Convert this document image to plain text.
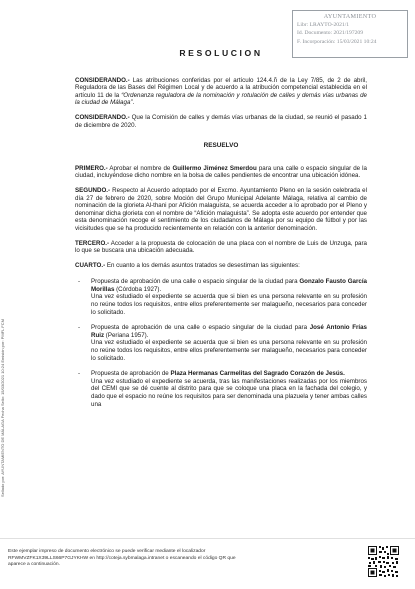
AYUNTAMIENTO
Libr: LRAYTO-2021/1
Id. Documento: 2021/197209
F. Incorporación: 15/03/2021 10:24
Sellado por: AYUNTAMIENTO DE MÁLAGA Fecha Sello: 15/03/2021 10:24 Emisión por: PMFL FCM
RESOLUCION

CONSIDERANDO.- Las atribuciones conferidas por el artículo 124.4.ñ de la Ley 7/85, de 2 de abril, Reguladora de las Bases del Régimen Local y de acuerdo a la atribución competencial establecida en el artículo 11 de la “Ordenanza reguladora de la nominación y rotulación de calles y demás vías urbanas de la ciudad de Málaga”.

CONSIDERANDO.- Que la Comisión de calles y demás vías urbanas de la ciudad, se reunió el pasado 1 de diciembre de 2020.

RESUELVO

PRIMERO.- Aprobar el nombre de Guillermo Jiménez Smerdou para una calle o espacio singular de la ciudad, incluyéndose dicho nombre en la bolsa de calles pendientes de encontrar una ubicación idónea.

SEGUNDO.- Respecto al Acuerdo adoptado por el Excmo. Ayuntamiento Pleno en la sesión celebrada el día 27 de febrero de 2020, sobre Moción del Grupo Municipal Adelante Málaga, relativa al cambio de nominación de la glorieta Al-thani por Afición malaguista, se acuerda acceder a lo aprobado por el Pleno y denominar dicha glorieta con el nombre de “Afición malaguista”. Se adopta este acuerdo por entender que esta denominación recoge el sentimiento de los ciudadanos de Málaga por su equipo de fútbol y por las vicisitudes que se ha producido recientemente en relación con la anterior denominación.

TERCERO.- Acceder a la propuesta de colocación de una placa con el nombre de Luis de Unzuga, para lo que se buscara una ubicación adecuada.

CUARTO.- En cuanto a los demás asuntos tratados se desestiman las siguientes:

- Propuesta de aprobación de una calle o espacio singular de la ciudad para Gonzalo Fausto García Morillas (Córdoba 1927).

Una vez estudiado el expediente se acuerda que si bien es una persona relevante en su profesión no reúne todos los requisitos, entre ellos preferentemente ser malagueño, necesarios para conceder lo solicitado.

- Propuesta de aprobación de una calle o espacio singular de la ciudad para José Antonio Frías Ruiz (Periana 1957).

Una vez estudiado el expediente se acuerda que si bien es una persona relevante en su profesión no reúne todos los requisitos, entre ellos preferentemente ser malagueño, necesarios para conceder lo solicitado.

- Propuesta de aprobación de Plaza Hermanas Carmelitas del Sagrado Corazón de Jesús.

Una vez estudiado el expediente se acuerda, tras las manifestaciones realizadas por los miembros del CEMI que se dé cuente al distrito para que se coloque una placa en la fachada del colegio, y dado que el espacio no reúne los requisitos para ser denominada una plazuela y tener ambas calles una

Este ejemplar impreso de documento electrónico se puede verificar mediante el localizador
RFWMVZFK1X39LLS66P7GJYKHW en http://coteja.sybmalaga.intranet o escaneando el código QR que
aparece a continuación.
